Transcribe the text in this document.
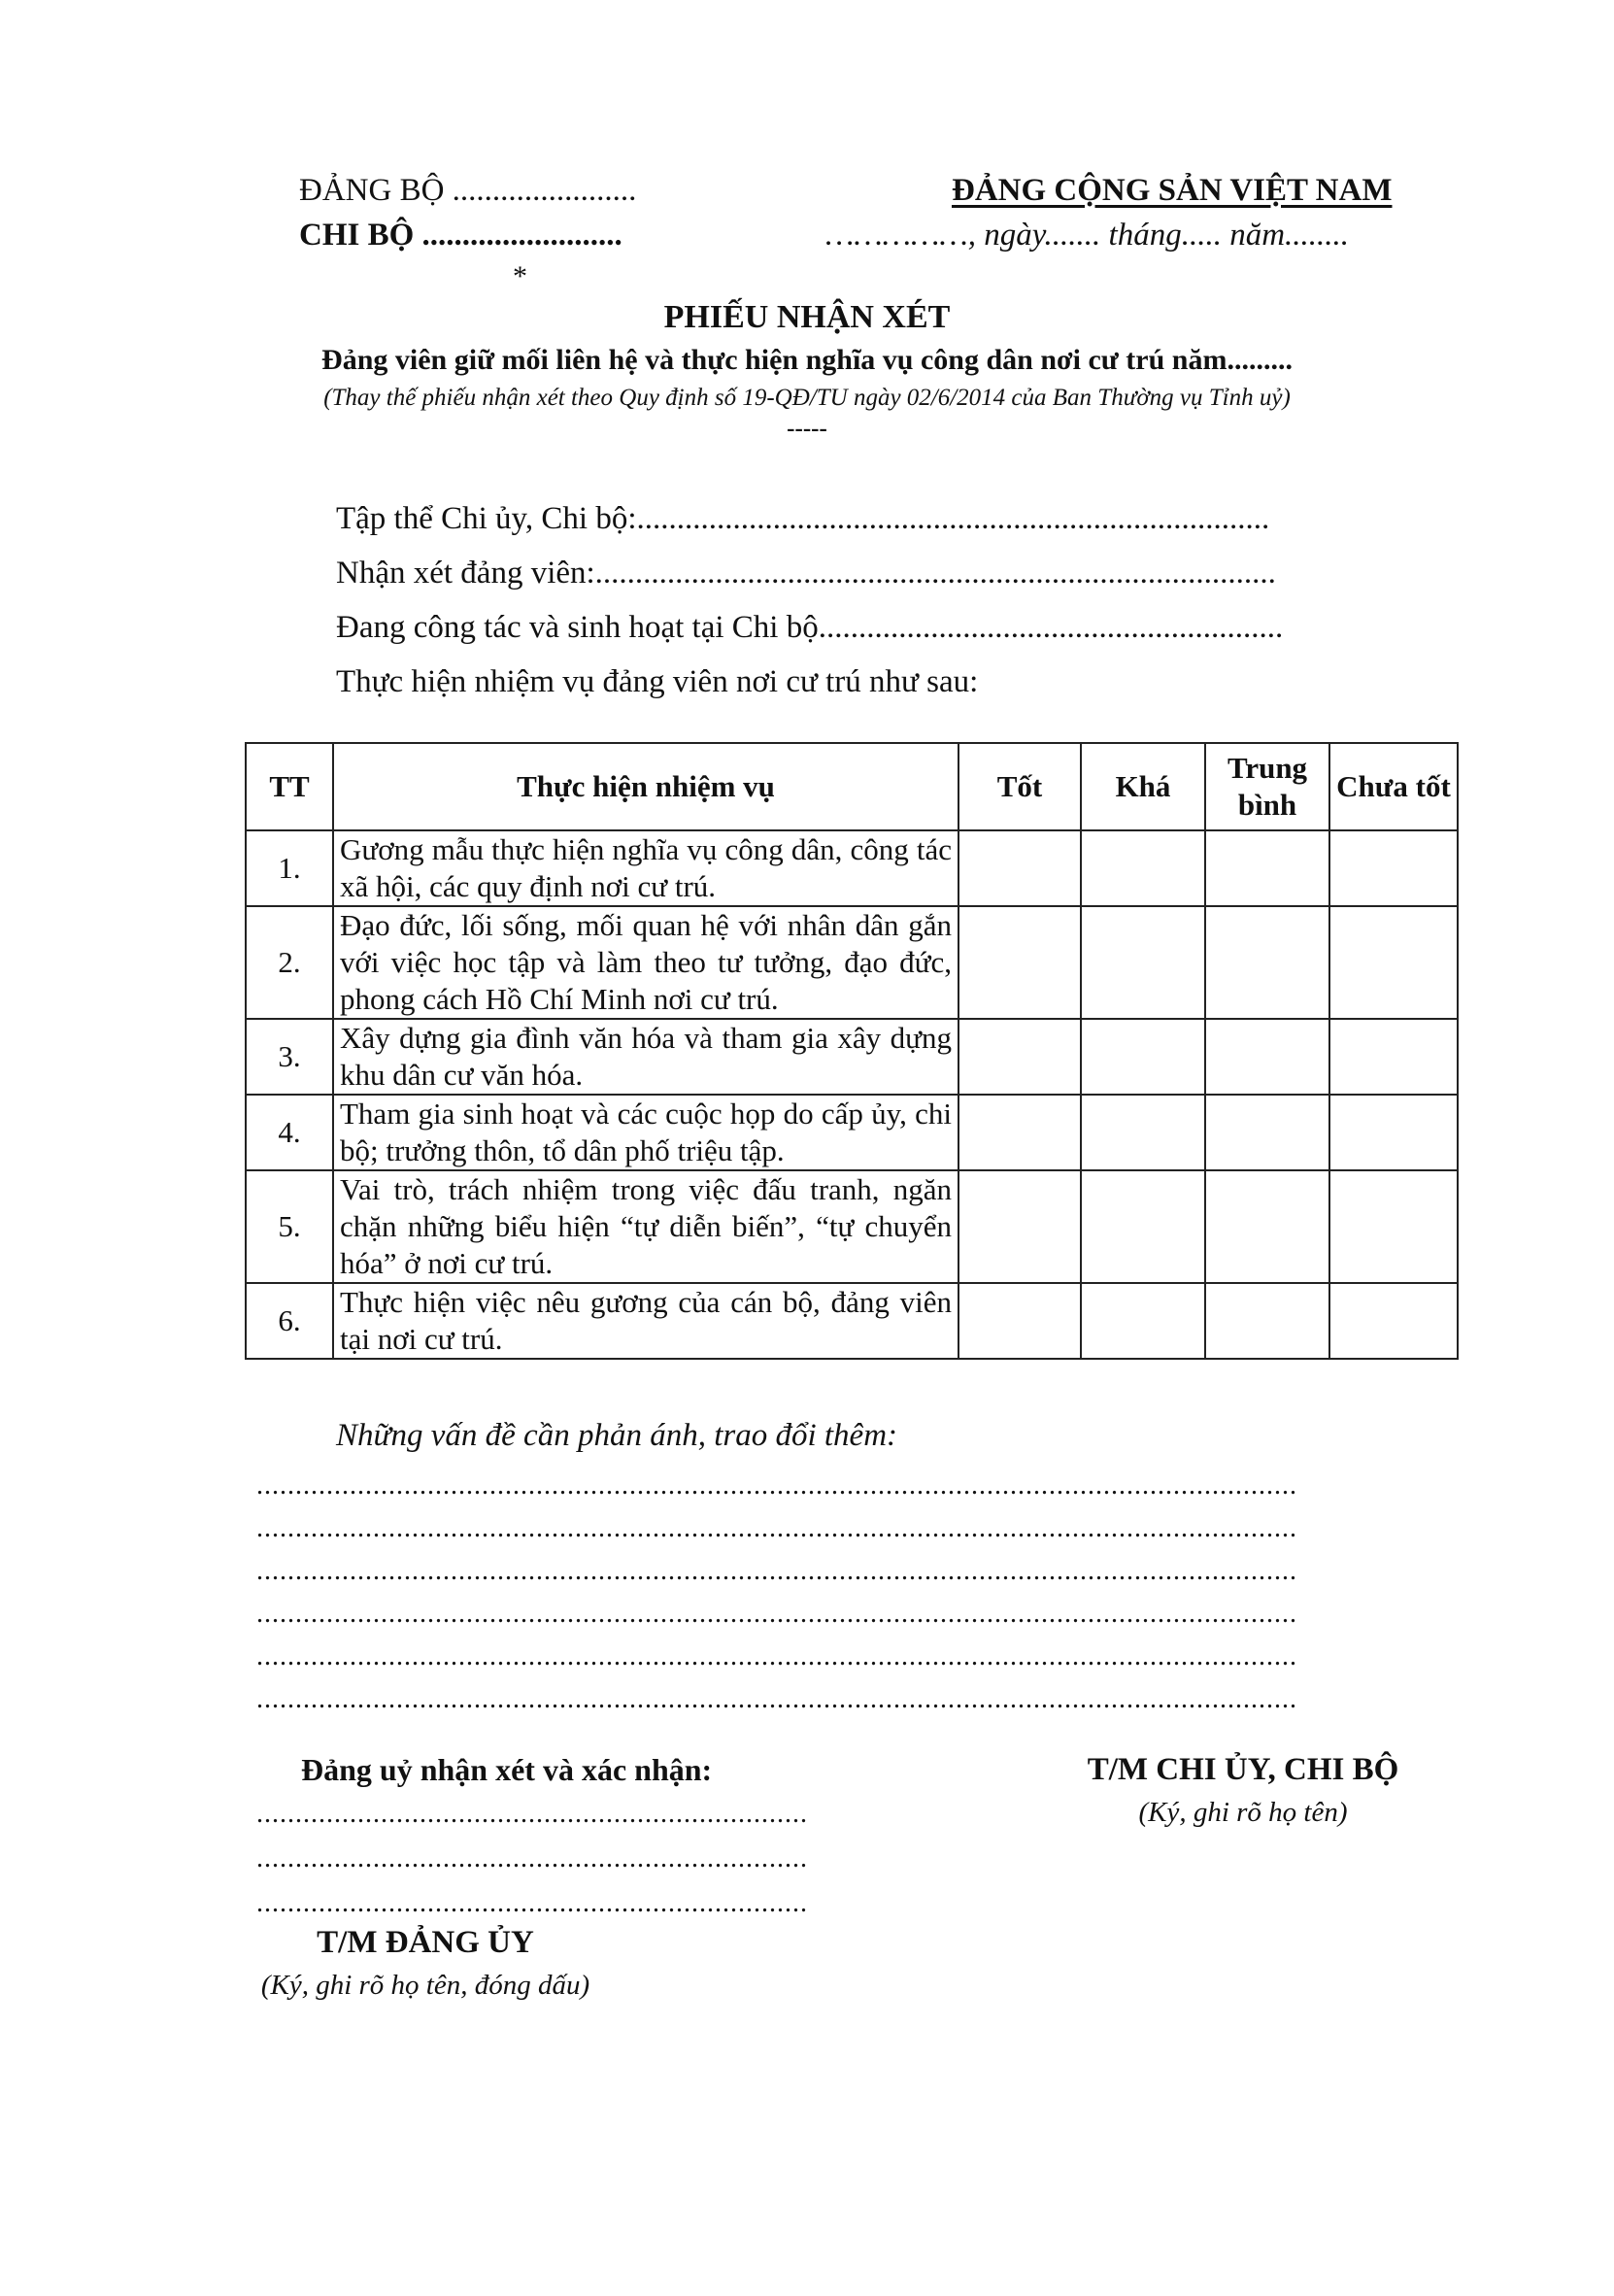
ĐẢNG BỘ .......................
CHI BỘ .........................
*
ĐẢNG CỘNG SẢN VIỆT NAM
……………, ngày....... tháng..... năm........
PHIẾU NHẬN XÉT
Đảng viên giữ mối liên hệ và thực hiện nghĩa vụ công dân nơi cư trú năm.........
(Thay thế phiếu nhận xét theo Quy định số 19-QĐ/TU ngày 02/6/2014 của Ban Thường vụ Tỉnh uỷ)
-----
Tập thể Chi ủy, Chi bộ:...............................................................................
Nhận xét đảng viên:.....................................................................................
Đang công tác và sinh hoạt tại Chi bộ..........................................................
Thực hiện nhiệm vụ đảng viên nơi cư trú như sau:
TT	Thực hiện nhiệm vụ	Tốt	Khá	Trung bình	Chưa tốt
1.	Gương mẫu thực hiện nghĩa vụ công dân, công tác xã hội, các quy định nơi cư trú.				
2.	Đạo đức, lối sống, mối quan hệ với nhân dân gắn với việc học tập và làm theo tư tưởng, đạo đức, phong cách Hồ Chí Minh nơi cư trú.				
3.	Xây dựng gia đình văn hóa và tham gia xây dựng khu dân cư văn hóa.				
4.	Tham gia sinh hoạt và các cuộc họp do cấp ủy, chi bộ; trưởng thôn, tổ dân phố triệu tập.				
5.	Vai trò, trách nhiệm trong việc đấu tranh, ngăn chặn những biểu hiện “tự diễn biến”, “tự chuyển hóa” ở nơi cư trú.				
6.	Thực hiện việc nêu gương của cán bộ, đảng viên tại nơi cư trú.				
Những vấn đề cần phản ánh, trao đổi thêm:
......................................................................................................................................
......................................................................................................................................
......................................................................................................................................
......................................................................................................................................
......................................................................................................................................
......................................................................................................................................
Đảng uỷ nhận xét và xác nhận:
.......................................................................
.......................................................................
.......................................................................
T/M ĐẢNG ỦY
(Ký, ghi rõ họ tên, đóng dấu)
T/M CHI ỦY, CHI BỘ
(Ký, ghi rõ họ tên)
